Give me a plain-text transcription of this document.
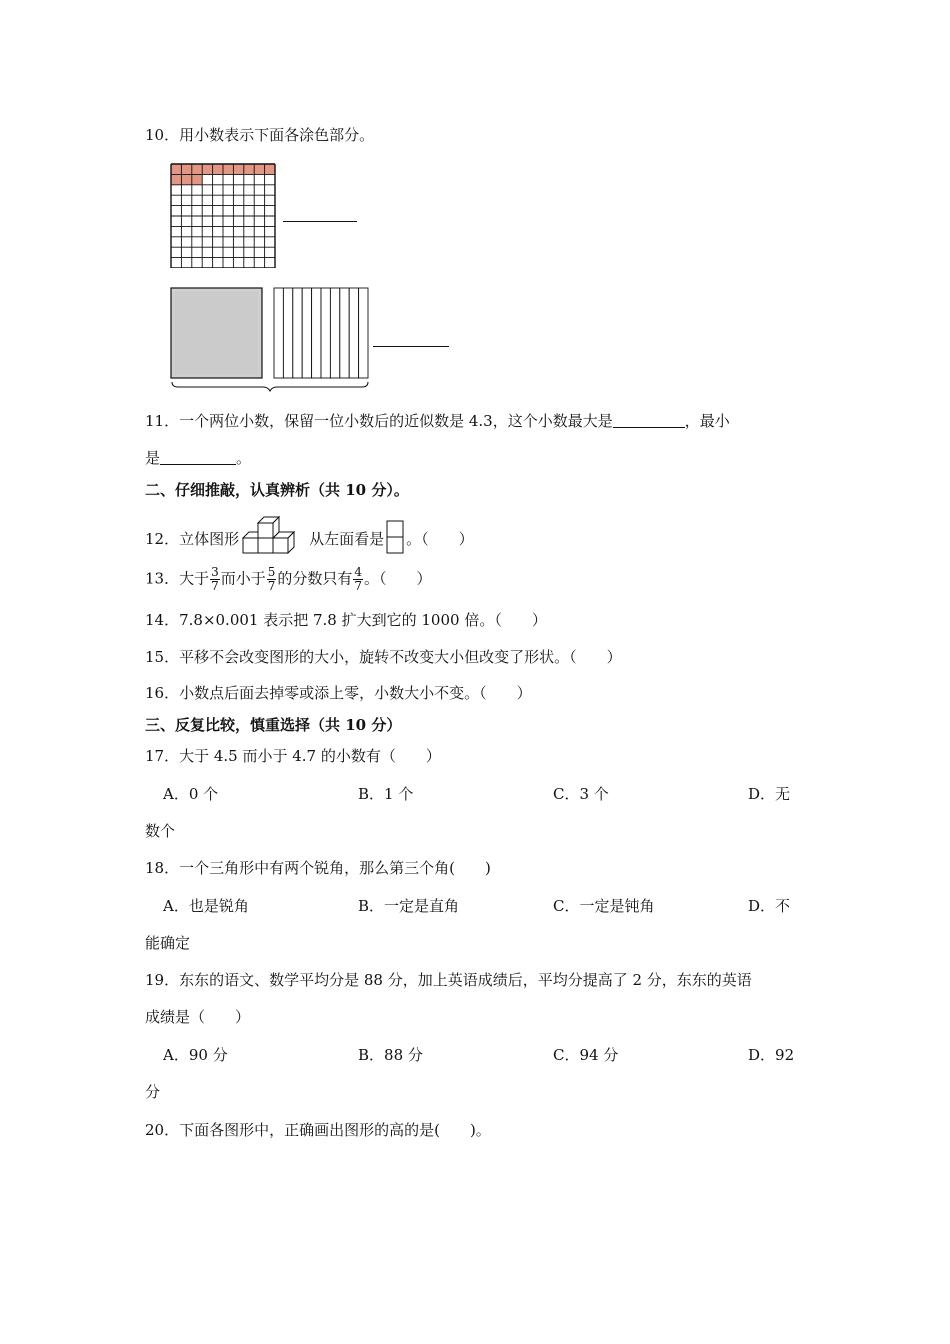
10．用小数表示下面各涂色部分。
11．一个两位小数，保留一位小数后的近似数是 4.3，这个小数最大是	，最小
是	。
二、仔细推敲，认真辨析（共 10 分）。
12．立体图形	从左面看是 。（　　）
13．大于 $\frac{3}{7}$ 而小于 $\frac{5}{7}$ 的分数只有 $\frac{4}{7}$ 。（　　）
14．7.8×0.001 表示把 7.8 扩大到它的 1000 倍。（　　）
15．平移不会改变图形的大小，旋转不改变大小但改变了形状。（　　）
16．小数点后面去掉零或添上零，小数大小不变。（　　）
三、反复比较，慎重选择（共 10 分）
17．大于 4.5 而小于 4.7 的小数有（　　）
A．0 个	B．1 个	C．3 个	D．无
数个
18．一个三角形中有两个锐角，那么第三个角(　　)
A．也是锐角	B．一定是直角	C．一定是钝角	D．不
能确定
19．东东的语文、数学平均分是 88 分，加上英语成绩后，平均分提高了 2 分，东东的英语
成绩是（　　）
A．90 分	B．88 分	C．94 分	D．92
分
20．下面各图形中，正确画出图形的高的是(　　)。
